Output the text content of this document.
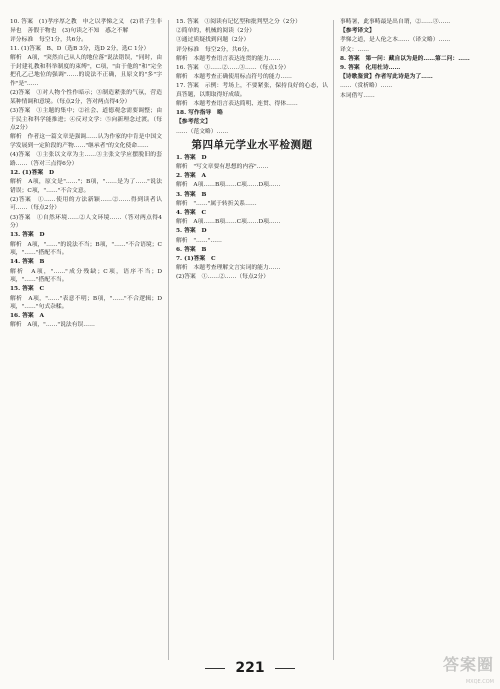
10. 答案　(1)孝序厚之教　申之以孝悌之义　(2)君子生非异也　善假于物也　(3)句读之不知　惑之不解

评分标准　每空1分，共6分。

11. (1)答案　B、D（选B 3分，选D 2分，选C 1分）

解析　A项，"突然自己从人的地位落"说法错误，"同时，由于封建礼教和科举制度的束缚"，C项，"由于他的"和"完全把孔乙己地位的强调"……的说法不正确，且原文的"多"字作"是"……

(2)答案　①对人物个性作暗示；③制造紧张的气氛，营造某种情调和意境。（每点2分，答对两点得4分）

(3)答案　①主题的集中；②社会、道德观念需要调整；由于民主和科学能推进；④反对文学：⑤向新理念过渡。（每点2分）

解析　作者这一篇文章是强调……认为作家的中肯是中国文学发展到一定阶段的产物……"继承者"的文化使命……

(4)答案　①主张以文章为主……③主张文学应摆脱旧的套路……（答对三点得6分）

12. (1)答案　D

解析　A项，原文是"……"；B项，"……是为了……"说法错误；C项，"……"不合文意。

(2)答案　①……使用的方法新颖……②……得到读者认可……（每点2分）

(3)答案　①自然环境……②人文环境……（答对两点得4分）

13. 答案　D

解析　A项，"……"的说法不当；B项，"……"不合语境；C项，"……"搭配不当。

14. 答案　B

解析　A项，"……"成分残缺；C项，语序不当；D项，"……"搭配不当。

15. 答案　C

解析　A项，"……"表意不明；B项，"……"不合逻辑；D项，"……"句式杂糅。

16. 答案　A

解析　A项，"……"说法有误……

15. 答案　①阅读有记忆型和批判型之分（2分）

②简单的，机械的阅读（2分）

③通过质疑找到问题（2分）

评分标准　每空2分，共6分。

解析　本题考查语言表达连贯的能力……

16. 答案　①……②……③……（每点1分）

解析　本题考查正确使用标点符号的能力……

17. 答案　示例：考场上，不要紧张，保持良好的心态，认真答题，以期取得好成绩。

解析　本题考查语言表达简明、连贯、得体……

18. 写作指导　略

【参考范文】

……（范文略）……

第四单元学业水平检测题

1. 答案　D

解析　"写文章要有思想的内容"……

2. 答案　A

解析　A项……B项……C项……D项……

3. 答案　B

解析　"……"属于转折关系……

4. 答案　C

解析　A项……B项……C项……D项……

5. 答案　D

解析　"……"……

6. 答案　B

7. (1)答案　C

解析　本题考查理解文言实词的能力……

(2)答案　①……②……（每点2分）

事畴暑，此事畴最是出自谓，②……③……

【参考译文】

孝悌之道，是人伦之本……（译文略）……

译文：……

8. 答案　第一问：藏自以为是的……第二问：……

9. 答案　化用杜诗……

【诗歌鉴赏】作者写此诗是为了……

……（赏析略）……

本词借写……

221	答案圈
MXQE.COM
